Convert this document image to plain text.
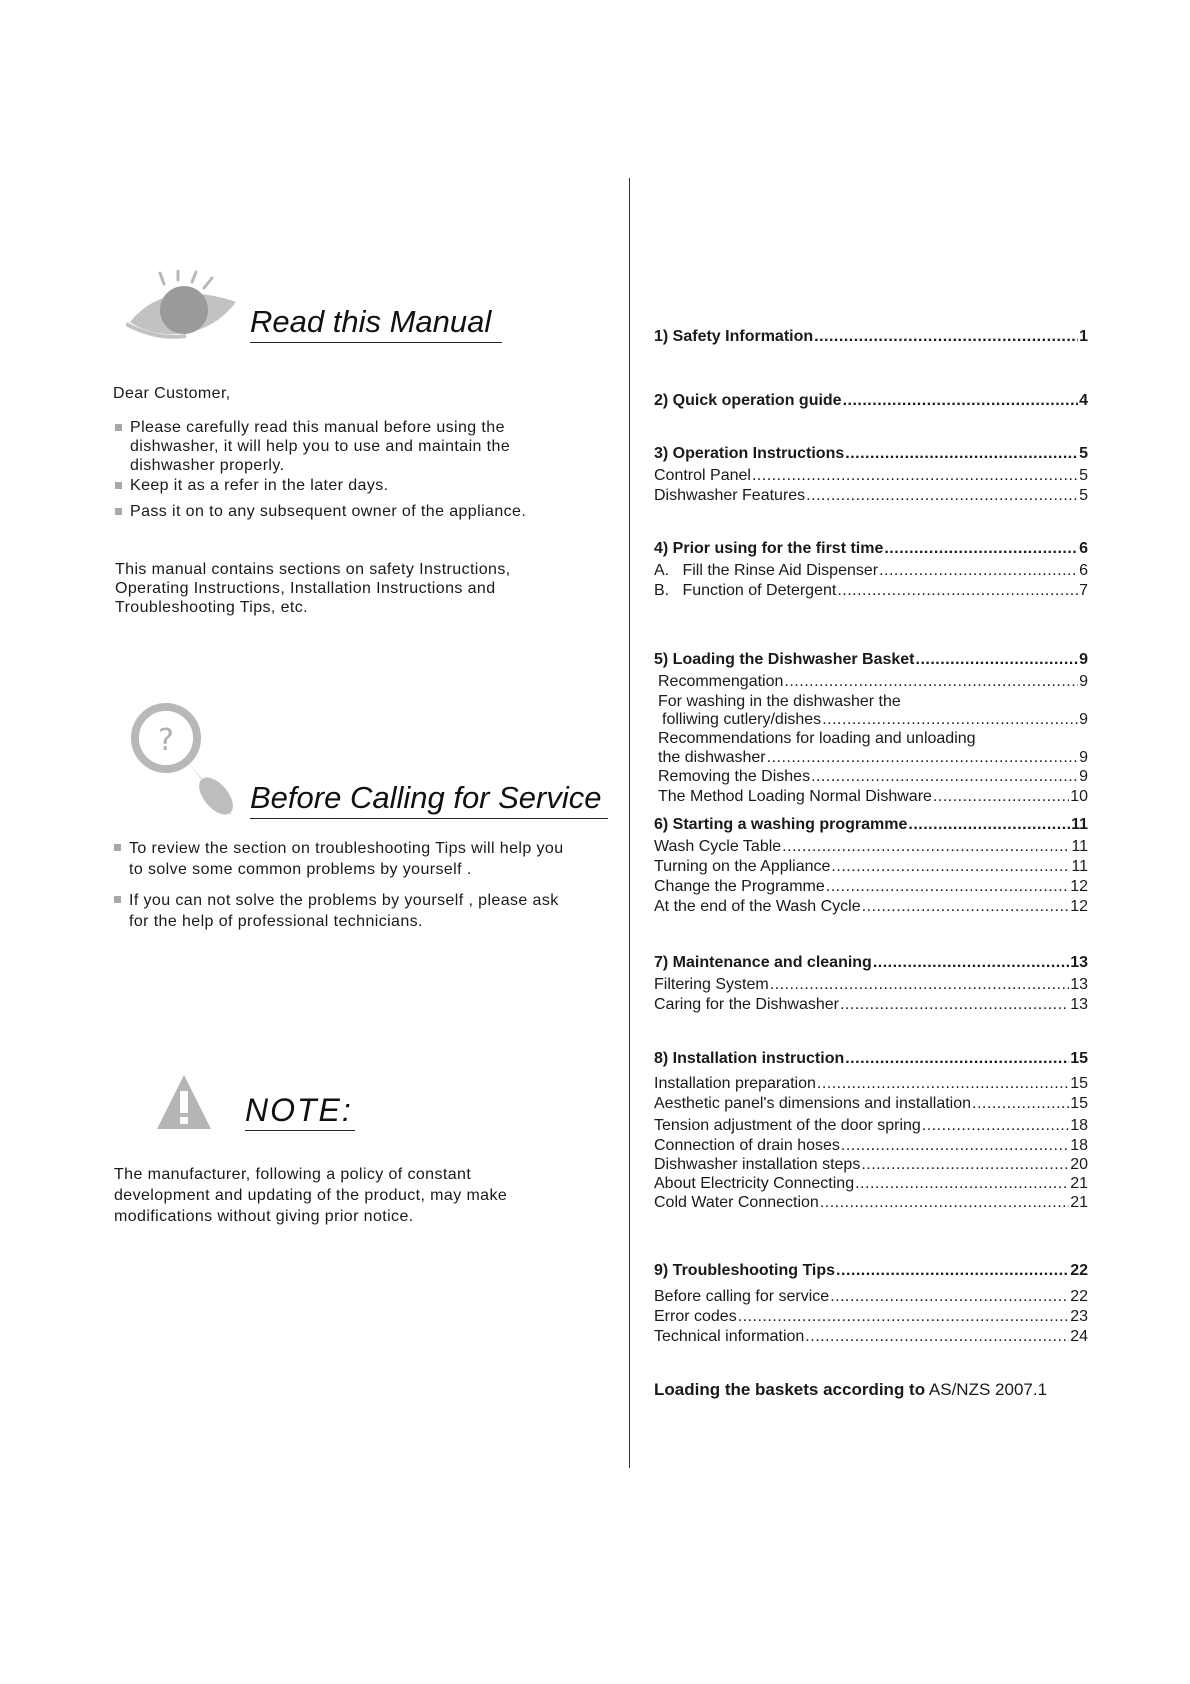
Read this Manual
Dear Customer,
Please carefully read this manual before using the dishwasher, it will help you to use and maintain the dishwasher properly.
Keep it as a refer in the later days.
Pass it on to any subsequent owner of the appliance.
This manual contains sections on safety Instructions, Operating Instructions, Installation Instructions and Troubleshooting Tips, etc.
?
Before Calling for Service
To review the section on troubleshooting Tips will help you to solve some common problems by yourself .
If you can not solve the problems by yourself , please ask for the help of professional technicians.
NOTE:
The manufacturer, following a policy of constant development and updating of the product, may make modifications without giving prior notice.
1) Safety Information .....	1
2) Quick operation guide .....	4
3) Operation Instructions .....	5
Control Panel .....	5
Dishwasher Features .....	5
4) Prior using for the first time .....	6
A.   Fill the Rinse Aid Dispenser .....	6
B.   Function of Detergent .....	7
5) Loading the Dishwasher Basket .....	9
Recommengation .....	9
For washing in the dishwasher the
folliwing cutlery/dishes .....	9
Recommendations for loading and unloading
the dishwasher .....	9
Removing the Dishes .....	9
The Method Loading Normal Dishware .....	10
6) Starting a washing programme .....	11
Wash Cycle Table .....	11
Turning on the Appliance .....	11
Change the Programme .....	12
At the end of the Wash Cycle .....	12
7) Maintenance and cleaning .....	13
Filtering System .....	13
Caring for the Dishwasher .....	13
8) Installation instruction .....	15
Installation preparation .....	15
Aesthetic panel's dimensions and installation .....	15
Tension adjustment of the door spring .....	18
Connection of drain hoses .....	18
Dishwasher installation steps .....	20
About Electricity Connecting .....	21
Cold Water Connection .....	21
9) Troubleshooting Tips .....	22
Before calling for service .....	22
Error codes .....	23
Technical information .....	24
Loading the baskets according to AS/NZS 2007.1
